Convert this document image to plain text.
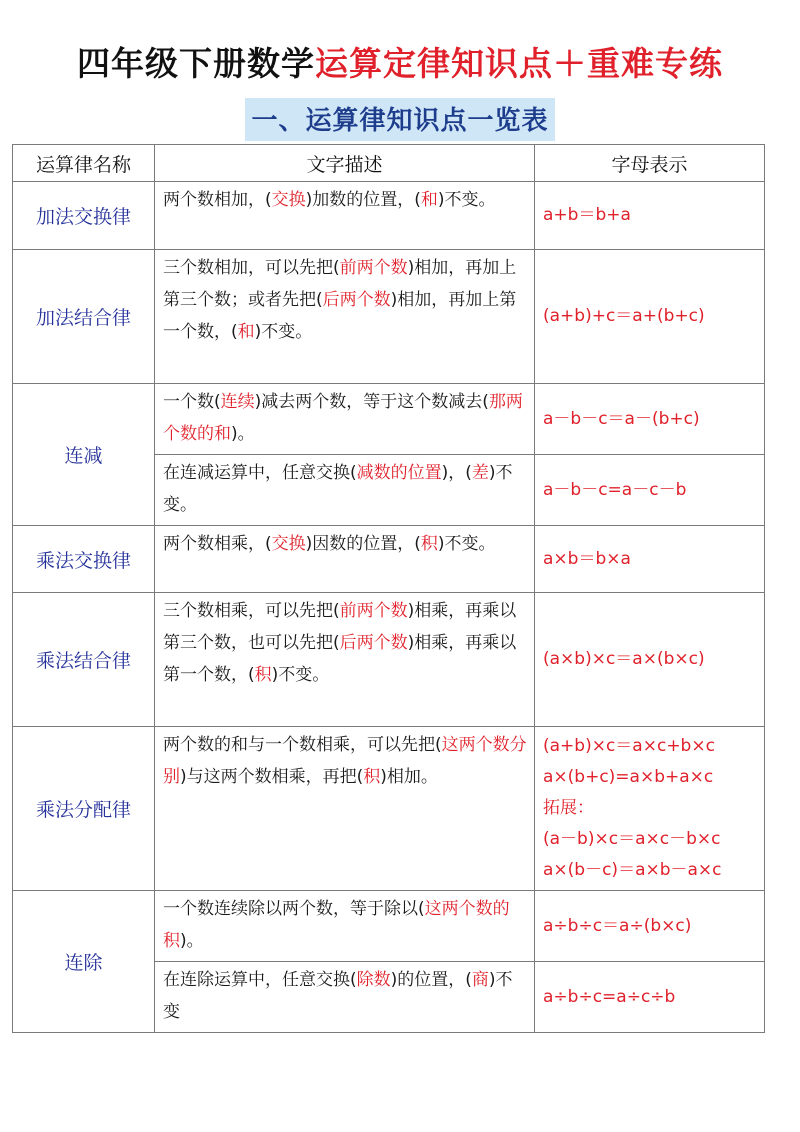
四年级下册数学运算定律知识点＋重难专练
一、运算律知识点一览表
运算律名称	文字描述	字母表示
加法交换律	两个数相加，(交换)加数的位置，(和)不变。	a+b＝b+a

加法结合律	三个数相加，可以先把(前两个数)相加，再加上第三个数；或者先把(后两个数)相加，再加上第一个数，(和)不变。	(a+b)+c＝a+(b+c)

连减	一个数(连续)减去两个数，等于这个数减去(那两个数的和)。	a－b－c＝a－(b+c)

	在连减运算中，任意交换(减数的位置)，(差)不变。	a－b－c=a－c－b

乘法交换律	两个数相乘，(交换)因数的位置，(积)不变。	a×b＝b×a

乘法结合律	三个数相乘，可以先把(前两个数)相乘，再乘以第三个数，也可以先把(后两个数)相乘，再乘以第一个数，(积)不变。	(a×b)×c＝a×(b×c)

乘法分配律	两个数的和与一个数相乘，可以先把(这两个数分别)与这两个数相乘，再把(积)相加。	(a+b)×c＝a×c+b×c
a×(b+c)=a×b+a×c
拓展：
(a－b)×c＝a×c－b×c
a×(b－c)＝a×b－a×c

连除	一个数连续除以两个数，等于除以(这两个数的积)。	a÷b÷c＝a÷(b×c)

	在连除运算中，任意交换(除数)的位置，(商)不变	a÷b÷c=a÷c÷b
